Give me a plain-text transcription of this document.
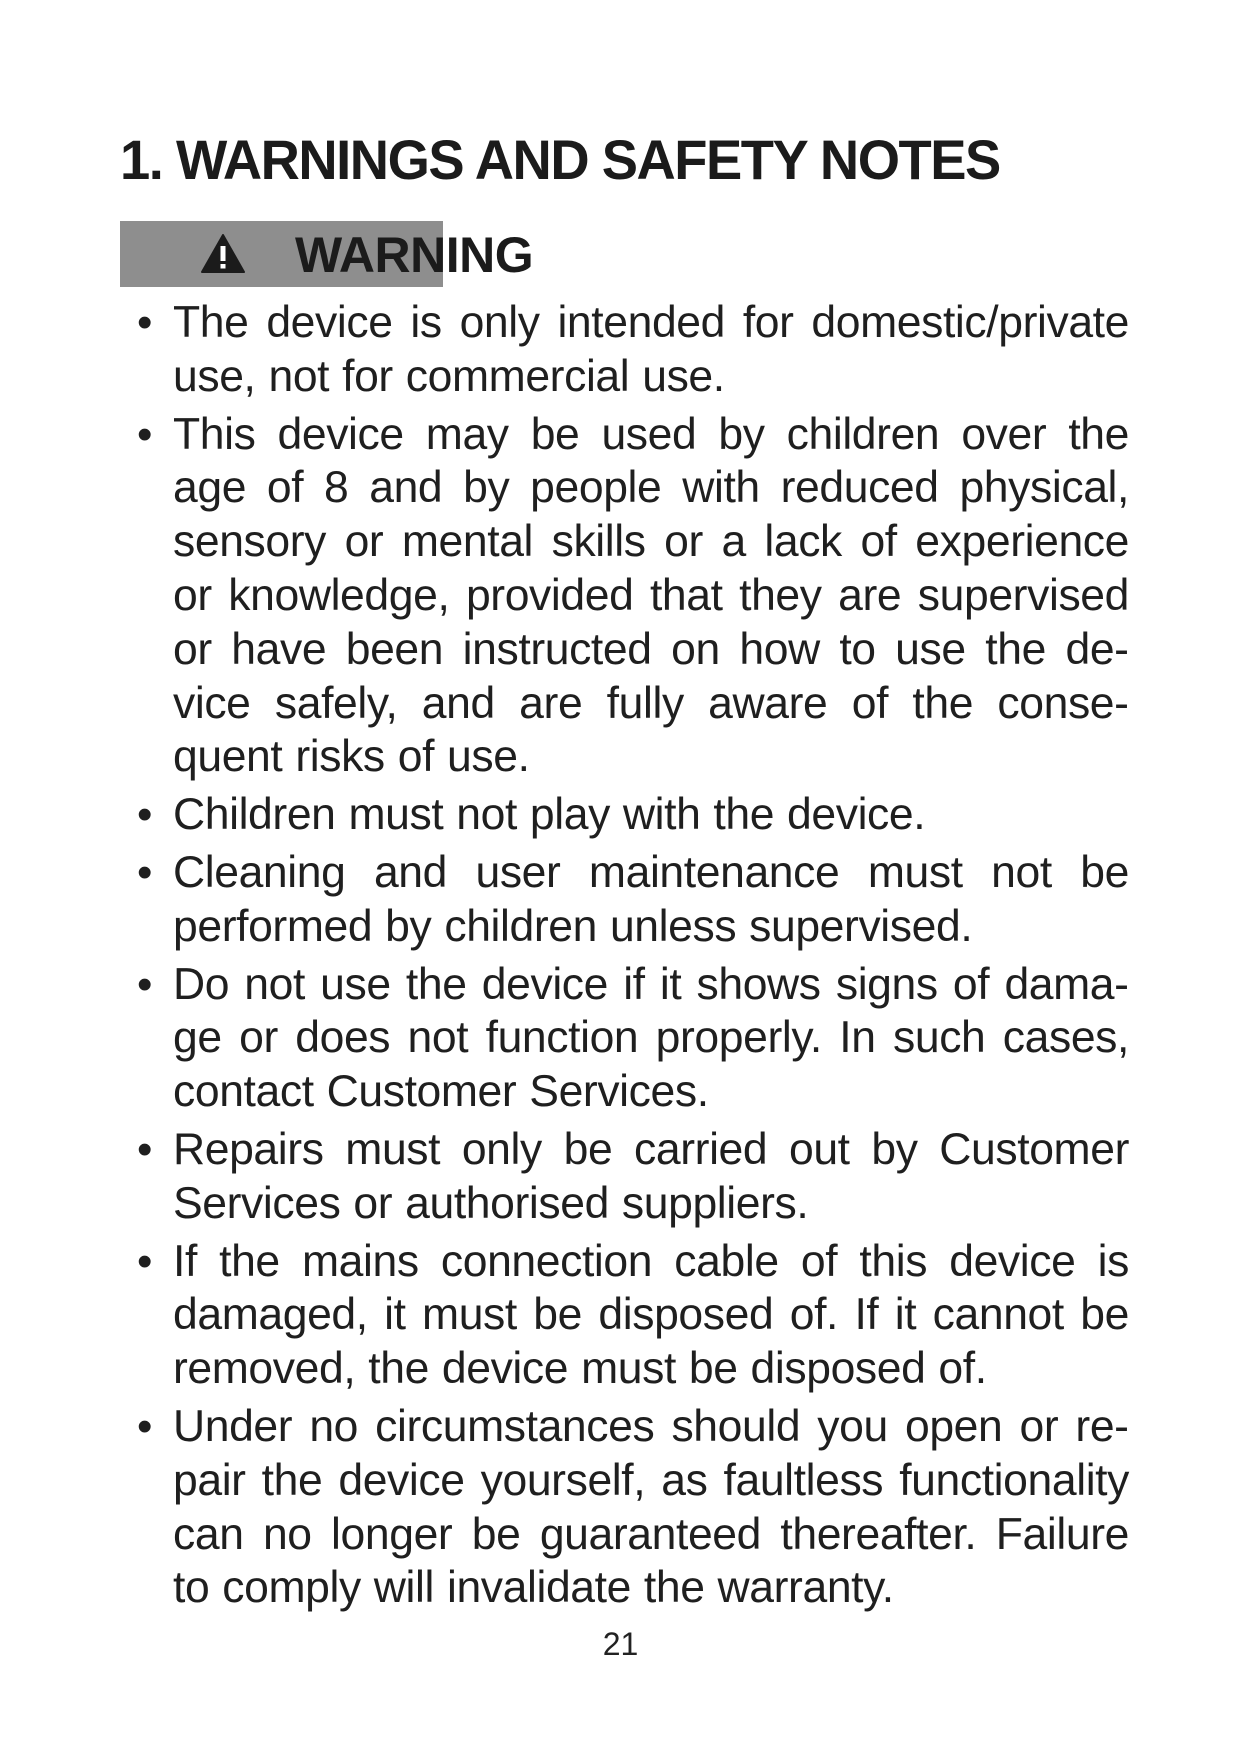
1. WARNINGS AND SAFETY NOTES
WARNING
• The device is only intended for domestic/private use, not for commercial use.
• This device may be used by children over the age of 8 and by people with reduced physical, sensory or mental skills or a lack of experience or knowledge, provided that they are supervised or have been instructed on how to use the device safely, and are fully aware of the consequent risks of use.
• Children must not play with the device.
• Cleaning and user maintenance must not be performed by children unless supervised.
• Do not use the device if it shows signs of damage or does not function properly. In such cases, contact Customer Services.
• Repairs must only be carried out by Customer Services or authorised suppliers.
• If the mains connection cable of this device is damaged, it must be disposed of. If it cannot be removed, the device must be disposed of.
• Under no circumstances should you open or repair the device yourself, as faultless functionality can no longer be guaranteed thereafter. Failure to comply will invalidate the warranty.
21
